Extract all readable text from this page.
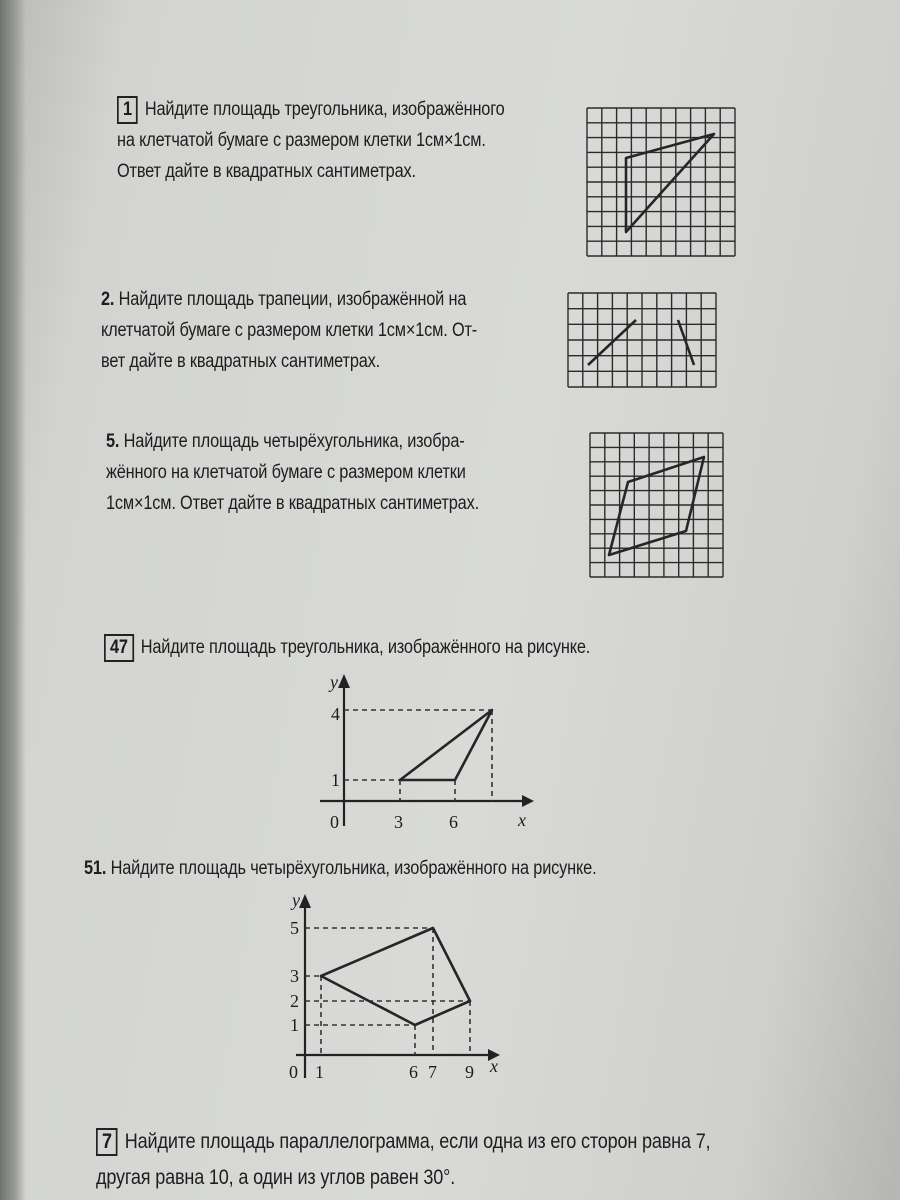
1 Найдите площадь треугольника, изображённого
на клетчатой бумаге с размером клетки 1см×1см.
Ответ дайте в квадратных сантиметрах.
2. Найдите площадь трапеции, изображённой на
клетчатой бумаге с размером клетки 1см×1см. От-
вет дайте в квадратных сантиметрах.
5. Найдите площадь четырёхугольника, изобра-
жённого на клетчатой бумаге с размером клетки
1см×1см. Ответ дайте в квадратных сантиметрах.
47 Найдите площадь треугольника, изображённого на рисунке.
y
x
0	3	6
1
4
51. Найдите площадь четырёхугольника, изображённого на рисунке.
y
x
0 1	6 7 9
1
2
3
5
7 Найдите площадь параллелограмма, если одна из его сторон равна 7,
другая равна 10, а один из углов равен 30°.
